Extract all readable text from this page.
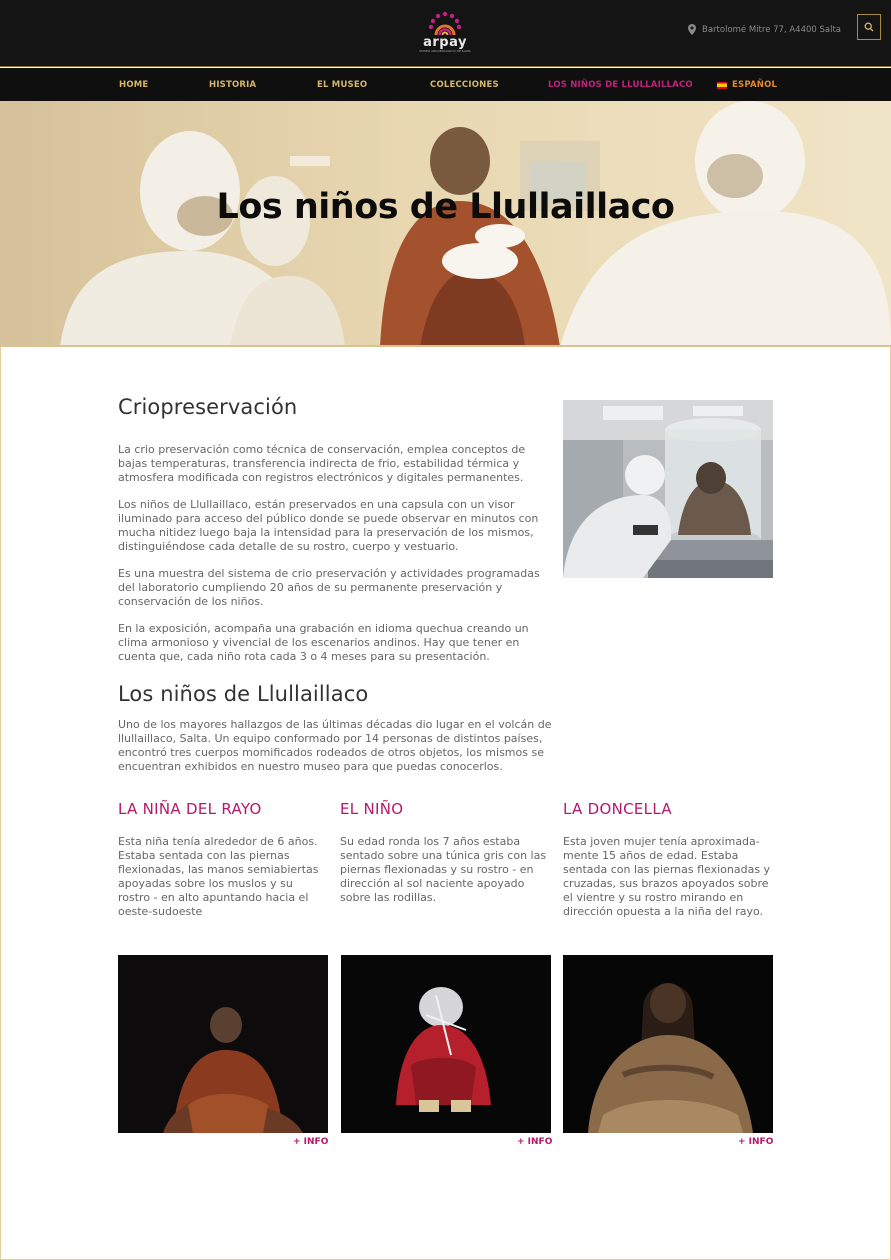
arpay
MUSEO ARQUEOLÓGICO DE SALTA
Bartolomé Mitre 77, A4400 Salta
HOME	HISTORIA	EL MUSEO	COLECCIONES	LOS NIÑOS DE LLULLAILLACO	ESPAÑOL
Los niños de Llullaillaco
Criopreservación

La crio preservación como técnica de conservación, emplea conceptos de bajas temperaturas, transferencia indirecta de frio, estabilidad térmica y atmosfera modificada con registros electrónicos y digitales permanentes.

Los niños de Llullaillaco, están preservados en una capsula con un visor iluminado para acceso del público donde se puede observar en minutos con mucha nitidez luego baja la intensidad para la preservación de los mismos, distinguiéndose cada detalle de su rostro, cuerpo y vestuario.

Es una muestra del sistema de crio preservación y actividades programadas del laboratorio cumpliendo 20 años de su permanente preservación y conservación de los niños.

En la exposición, acompaña una grabación en idioma quechua creando un clima armonioso y vivencial de los escenarios andinos. Hay que tener en cuenta que, cada niño rota cada 3 o 4 meses para su presentación.

Los niños de Llullaillaco

Uno de los mayores hallazgos de las últimas décadas dio lugar en el volcán de llullaillaco, Salta. Un equipo conformado por 14 personas de distintos países, encontró tres cuerpos momificados rodeados de otros objetos, los mismos se encuentran exhibidos en nuestro museo para que puedas conocerlos.

LA NIÑA DEL RAYO

Esta niña tenía alrededor de 6 años. Estaba sentada con las piernas flexionadas, las manos semiabiertas apoyadas sobre los muslos y su rostro - en alto apuntando hacia el oeste-sudoeste

EL NIÑO

Su edad ronda los 7 años estaba sentado sobre una túnica gris con las piernas flexionadas y su rostro - en dirección al sol naciente apoyado sobre las rodillas.

LA DONCELLA

Esta joven mujer tenía aproximada-mente 15 años de edad. Estaba sentada con las piernas flexionadas y cruzadas, sus brazos apoyados sobre el vientre y su rostro mirando en dirección opuesta a la niña del rayo.

+ INFO	+ INFO	+ INFO
